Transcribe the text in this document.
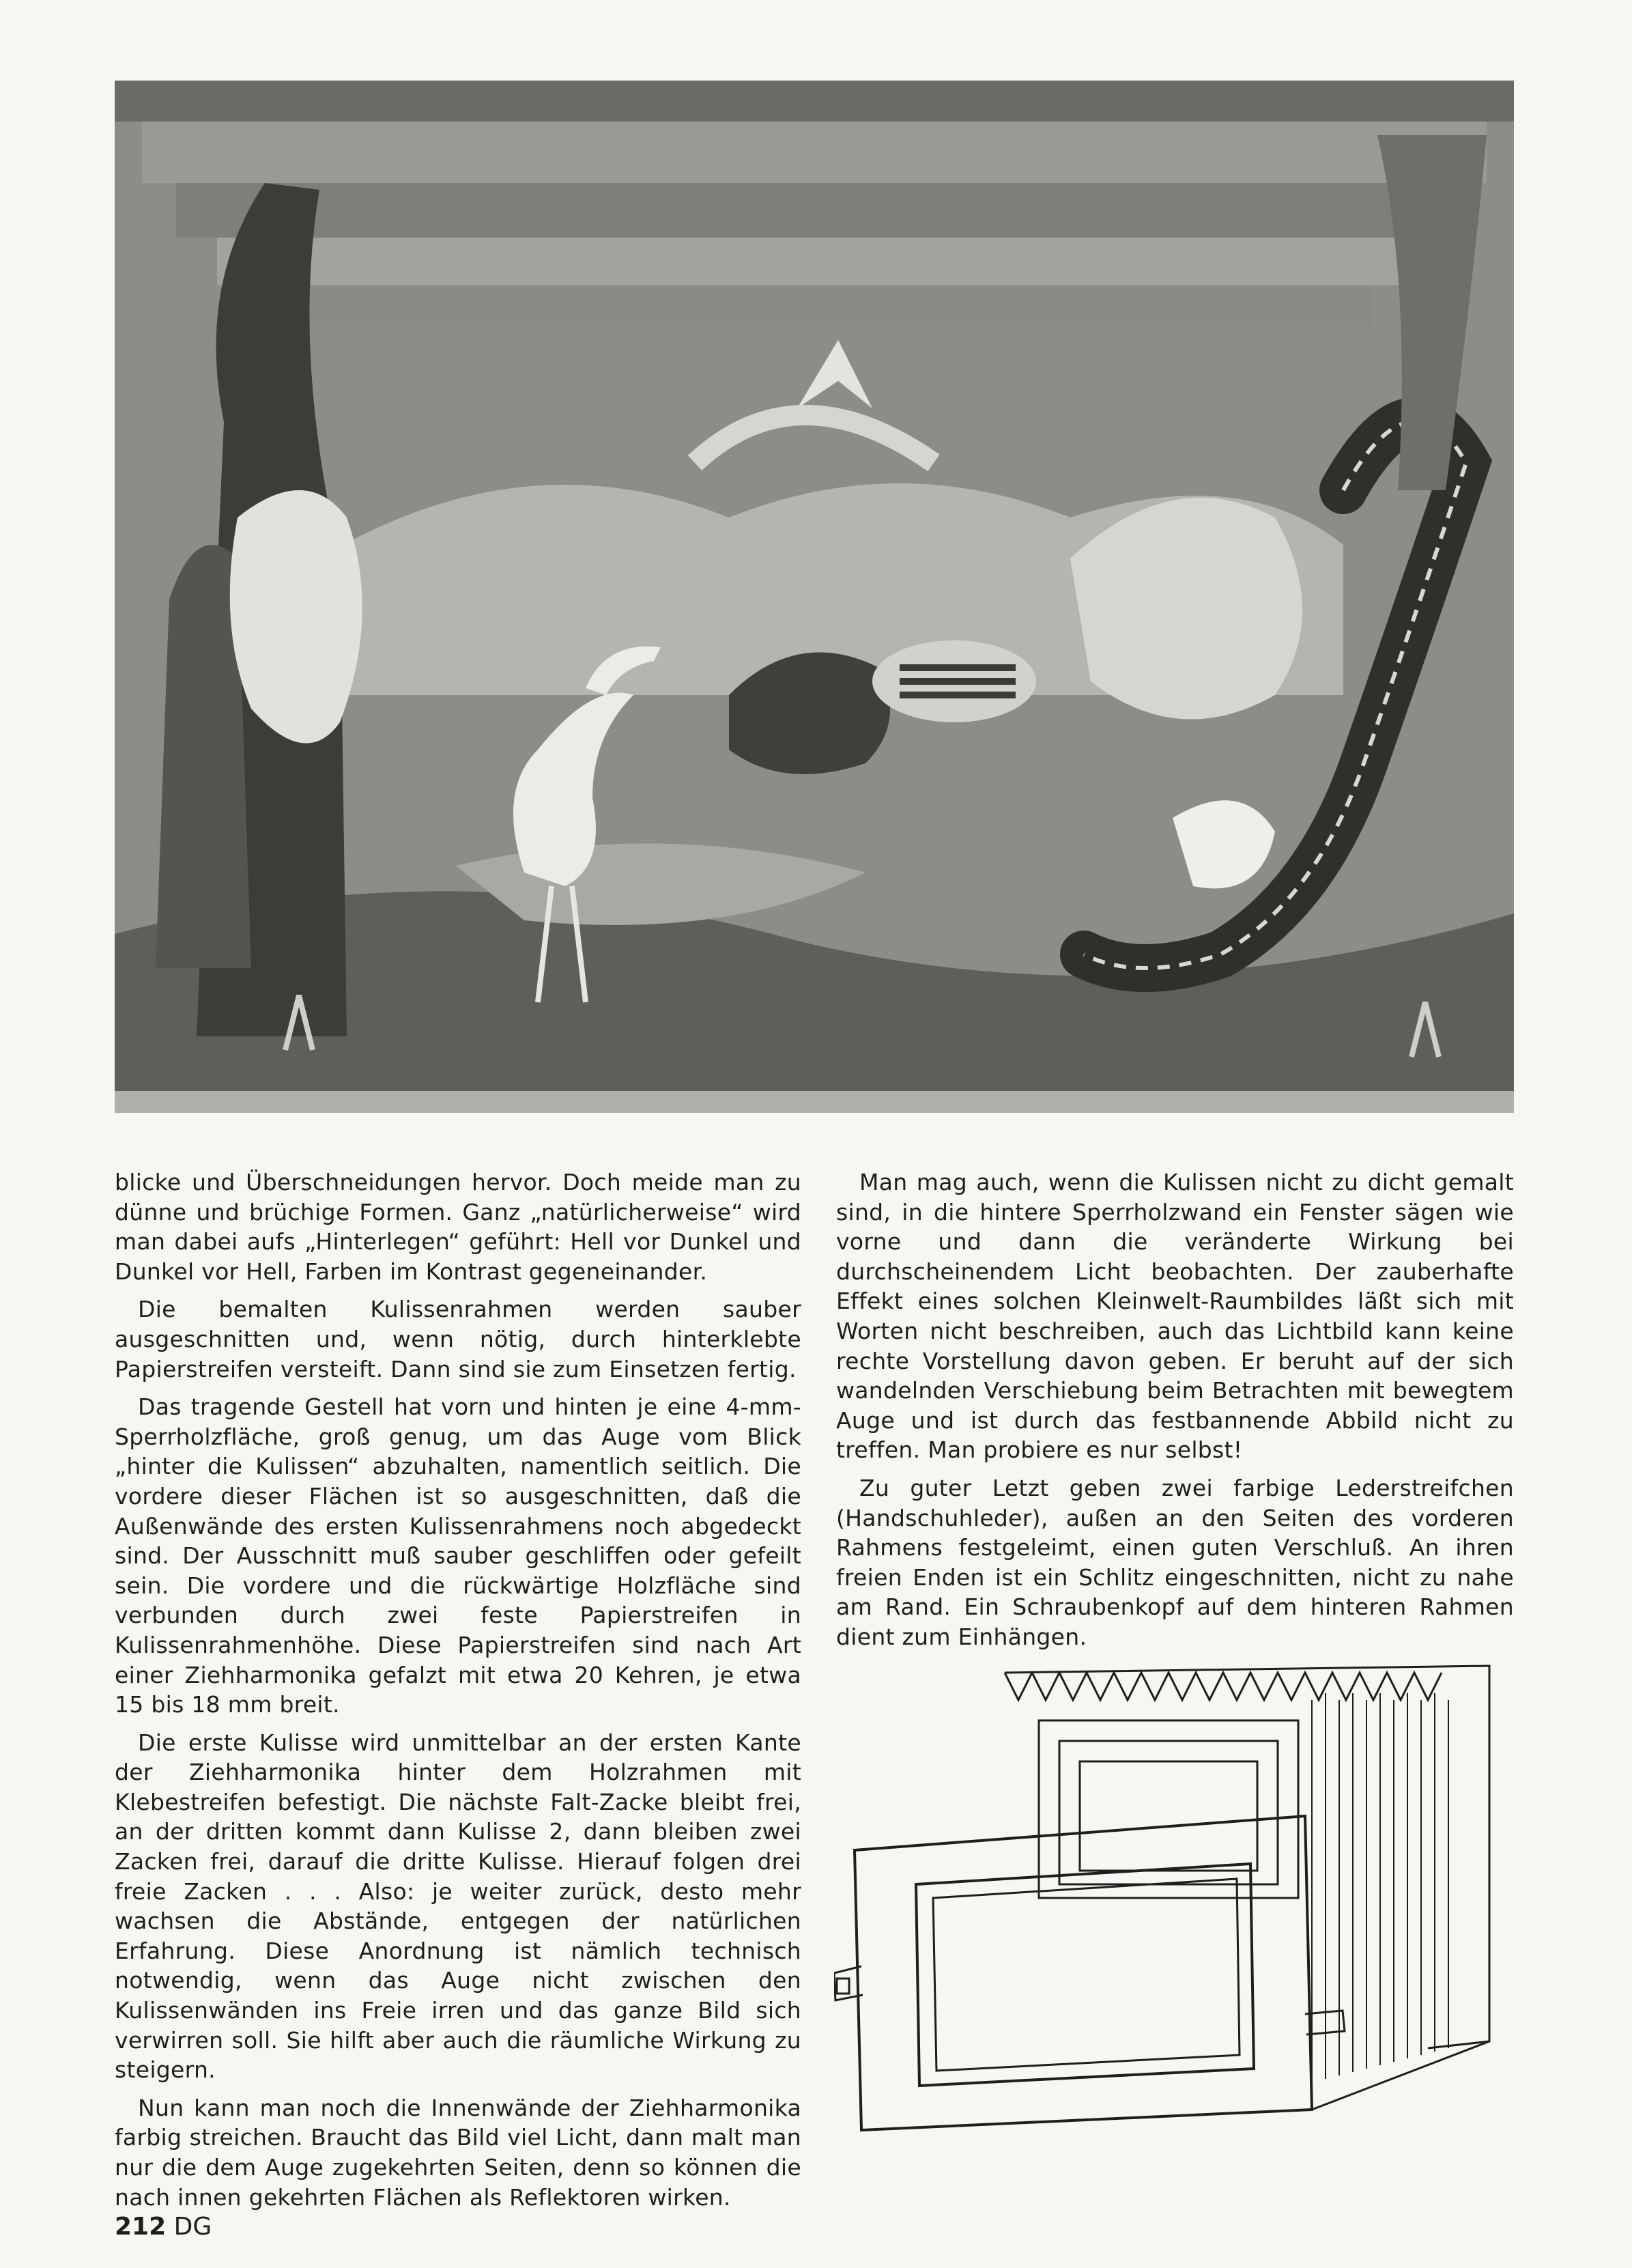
blicke und Überschneidungen hervor. Doch meide man zu dünne und brüchige Formen. Ganz „natürlicherweise“ wird man dabei aufs „Hinterlegen“ geführt: Hell vor Dunkel und Dunkel vor Hell, Farben im Kontrast gegeneinander.

Die bemalten Kulissenrahmen werden sauber ausgeschnitten und, wenn nötig, durch hinterklebte Papierstreifen versteift. Dann sind sie zum Einsetzen fertig.

Das tragende Gestell hat vorn und hinten je eine 4-mm-Sperrholzfläche, groß genug, um das Auge vom Blick „hinter die Kulissen“ abzuhalten, namentlich seitlich. Die vordere dieser Flächen ist so ausgeschnitten, daß die Außenwände des ersten Kulissenrahmens noch abgedeckt sind. Der Ausschnitt muß sauber geschliffen oder gefeilt sein. Die vordere und die rückwärtige Holzfläche sind verbunden durch zwei feste Papierstreifen in Kulissenrahmenhöhe. Diese Papierstreifen sind nach Art einer Ziehharmonika gefalzt mit etwa 20 Kehren, je etwa 15 bis 18 mm breit.

Die erste Kulisse wird unmittelbar an der ersten Kante der Ziehharmonika hinter dem Holzrahmen mit Klebestreifen befestigt. Die nächste Falt-Zacke bleibt frei, an der dritten kommt dann Kulisse 2, dann bleiben zwei Zacken frei, darauf die dritte Kulisse. Hierauf folgen drei freie Zacken . . . Also: je weiter zurück, desto mehr wachsen die Abstände, entgegen der natürlichen Erfahrung. Diese Anordnung ist nämlich technisch notwendig, wenn das Auge nicht zwischen den Kulissenwänden ins Freie irren und das ganze Bild sich verwirren soll. Sie hilft aber auch die räumliche Wirkung zu steigern.

Nun kann man noch die Innenwände der Ziehharmonika farbig streichen. Braucht das Bild viel Licht, dann malt man nur die dem Auge zugekehrten Seiten, denn so können die nach innen gekehrten Flächen als Reflektoren wirken.

Man mag auch, wenn die Kulissen nicht zu dicht gemalt sind, in die hintere Sperrholzwand ein Fenster sägen wie vorne und dann die veränderte Wirkung bei durchscheinendem Licht beobachten. Der zauberhafte Effekt eines solchen Kleinwelt-Raumbildes läßt sich mit Worten nicht beschreiben, auch das Lichtbild kann keine rechte Vorstellung davon geben. Er beruht auf der sich wandelnden Verschiebung beim Betrachten mit bewegtem Auge und ist durch das festbannende Abbild nicht zu treffen. Man probiere es nur selbst!

Zu guter Letzt geben zwei farbige Lederstreifchen (Handschuhleder), außen an den Seiten des vorderen Rahmens festgeleimt, einen guten Verschluß. An ihren freien Enden ist ein Schlitz eingeschnitten, nicht zu nahe am Rand. Ein Schraubenkopf auf dem hinteren Rahmen dient zum Einhängen.

212 DG
